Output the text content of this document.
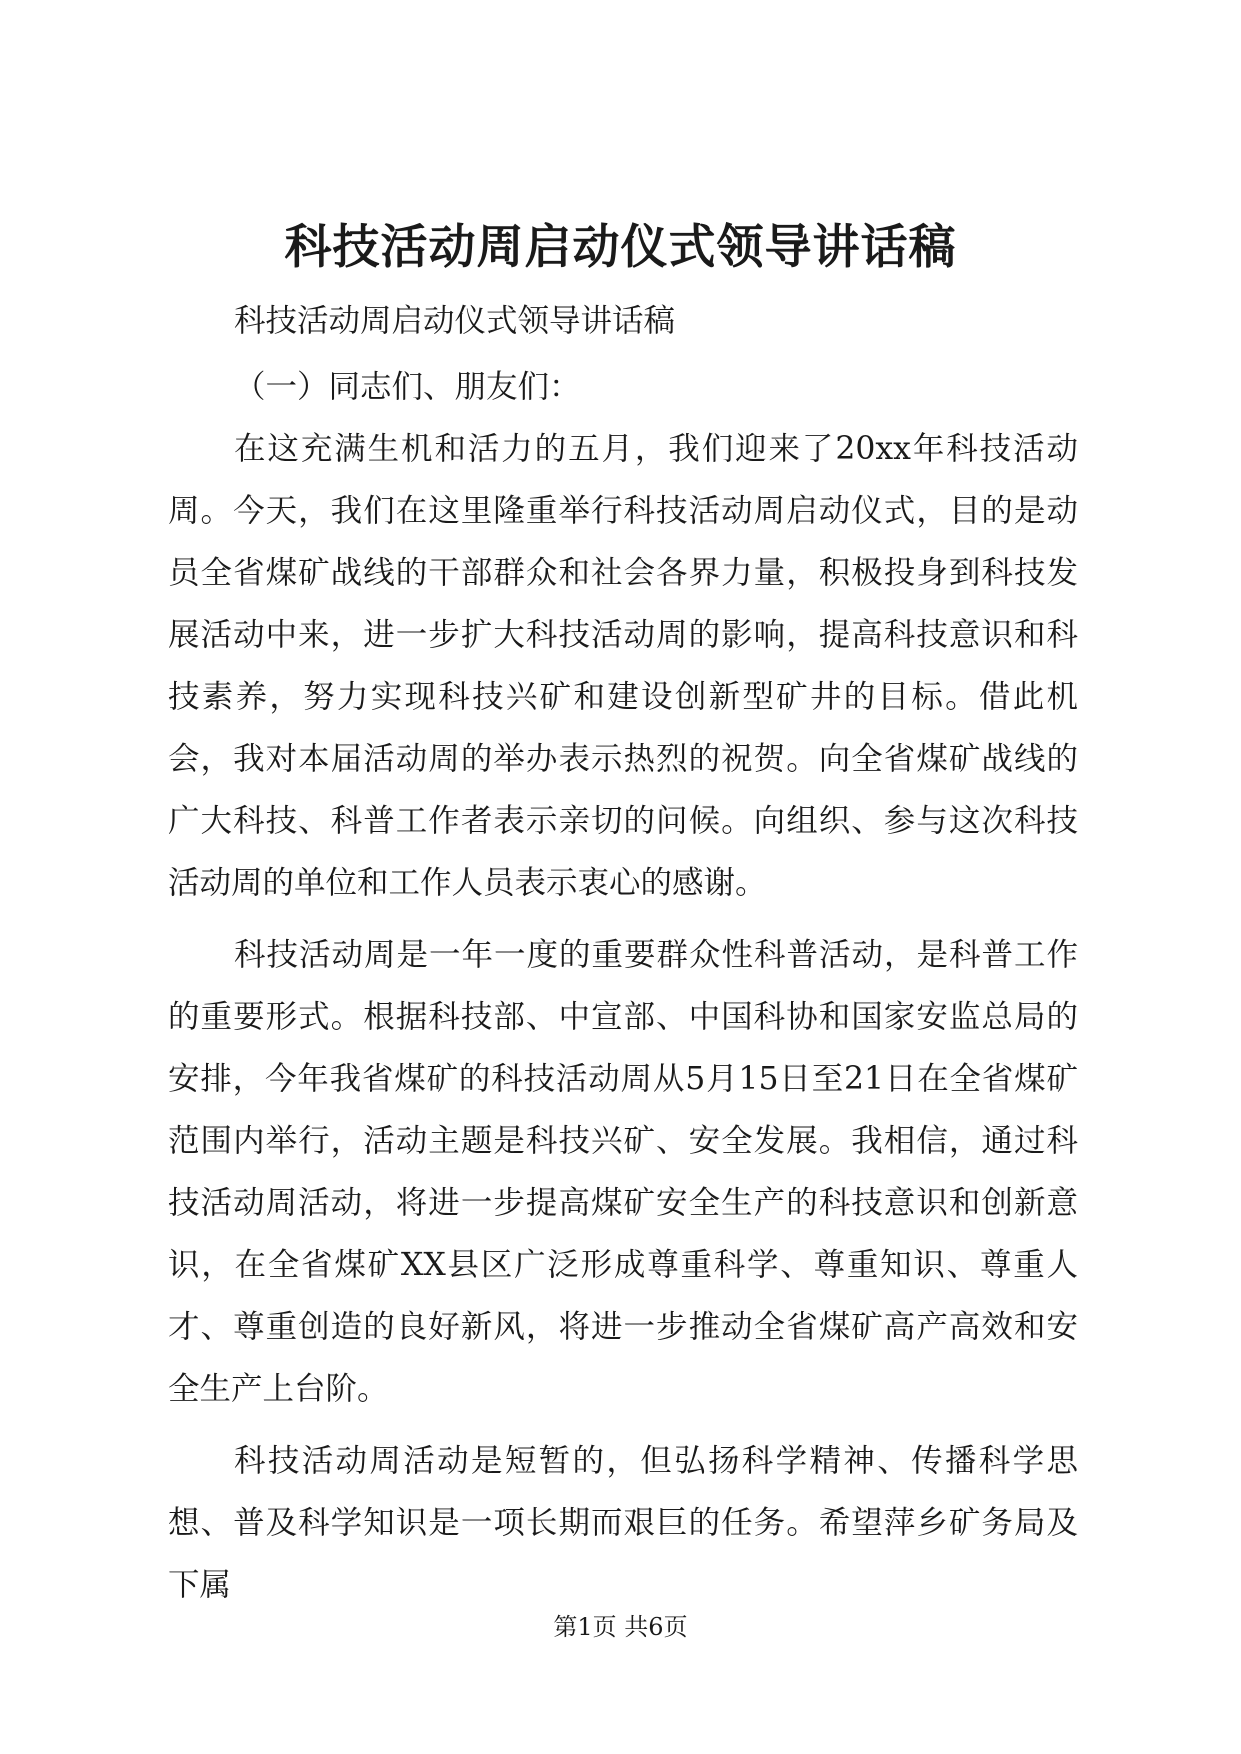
科技活动周启动仪式领导讲话稿

科技活动周启动仪式领导讲话稿

（一）同志们、朋友们：

在这充满生机和活力的五月，我们迎来了20xx年科技活动周。今天，我们在这里隆重举行科技活动周启动仪式，目的是动员全省煤矿战线的干部群众和社会各界力量，积极投身到科技发展活动中来，进一步扩大科技活动周的影响，提高科技意识和科技素养，努力实现科技兴矿和建设创新型矿井的目标。借此机会，我对本届活动周的举办表示热烈的祝贺。向全省煤矿战线的广大科技、科普工作者表示亲切的问候。向组织、参与这次科技活动周的单位和工作人员表示衷心的感谢。

科技活动周是一年一度的重要群众性科普活动，是科普工作的重要形式。根据科技部、中宣部、中国科协和国家安监总局的安排，今年我省煤矿的科技活动周从5月15日至21日在全省煤矿范围内举行，活动主题是科技兴矿、安全发展。我相信，通过科技活动周活动，将进一步提高煤矿安全生产的科技意识和创新意识，在全省煤矿XX县区广泛形成尊重科学、尊重知识、尊重人才、尊重创造的良好新风，将进一步推动全省煤矿高产高效和安全生产上台阶。

科技活动周活动是短暂的，但弘扬科学精神、传播科学思想、普及科学知识是一项长期而艰巨的任务。希望萍乡矿务局及下属

第1页 共6页
